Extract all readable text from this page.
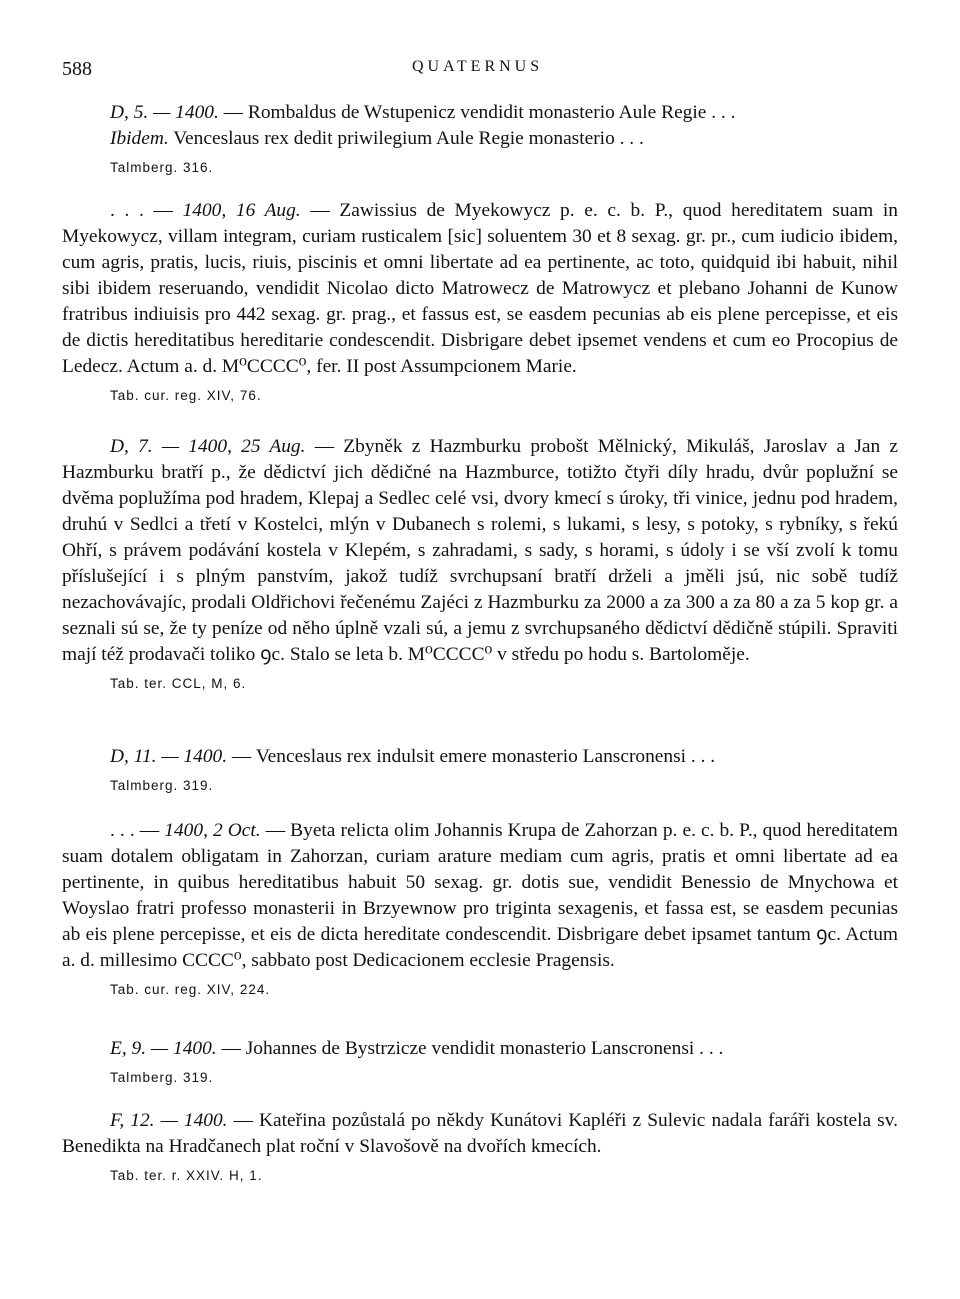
588	QUATERNUS

D, 5. — 1400. — Rombaldus de Wstupenicz vendidit monasterio Aule Regie . . .

Ibidem. Venceslaus rex dedit priwilegium Aule Regie monasterio . . .

Talmberg. 316.

. . . — 1400, 16 Aug. — Zawissius de Myekowycz p. e. c. b. P., quod hereditatem suam in Myekowycz, villam integram, curiam rusticalem [sic] soluentem 30 et 8 sexag. gr. pr., cum iudicio ibidem, cum agris, pratis, lucis, riuis, piscinis et omni libertate ad ea pertinente, ac toto, quidquid ibi habuit, nihil sibi ibidem reseruando, vendidit Nicolao dicto Matrowecz de Matrowycz et plebano Johanni de Kunow fratribus indiuisis pro 442 sexag. gr. prag., et fassus est, se easdem pecunias ab eis plene percepisse, et eis de dictis hereditatibus hereditarie condescendit. Disbrigare debet ipsemet vendens et cum eo Procopius de Ledecz. Actum a. d. M⁰CCCC⁰, fer. II post Assumpcionem Marie.

Tab. cur. reg. XIV, 76.

D, 7. — 1400, 25 Aug. — Zbyněk z Hazmburku probošt Mělnický, Mikuláš, Jaroslav a Jan z Hazmburku bratří p., že dědictví jich dědičné na Hazmburce, totižto čtyři díly hradu, dvůr poplužní se dvěma poplužíma pod hradem, Klepaj a Sedlec celé vsi, dvory kmecí s úroky, tři vinice, jednu pod hradem, druhú v Sedlci a třetí v Kostelci, mlýn v Dubanech s rolemi, s lukami, s lesy, s potoky, s rybníky, s řekú Ohří, s právem podávání kostela v Klepém, s zahradami, s sady, s horami, s údoly i se vší zvolí k tomu příslušející i s plným panstvím, jakož tudíž svrchupsaní bratří drželi a jměli jsú, nic sobě tudíž nezachovávajíc, prodali Oldřichovi řečenému Zajéci z Hazmburku za 2000 a za 300 a za 80 a za 5 kop gr. a seznali sú se, že ty peníze od něho úplně vzali sú, a jemu z svrchupsaného dědictví dědičně stúpili. Spraviti mají též prodavači toliko ꝯc. Stalo se leta b. M⁰CCCC⁰ v středu po hodu s. Bartoloměje.

Tab. ter. CCL, M, 6.

D, 11. — 1400. — Venceslaus rex indulsit emere monasterio Lanscronensi . . .

Talmberg. 319.

. . . — 1400, 2 Oct. — Byeta relicta olim Johannis Krupa de Zahorzan p. e. c. b. P., quod hereditatem suam dotalem obligatam in Zahorzan, curiam arature mediam cum agris, pratis et omni libertate ad ea pertinente, in quibus hereditatibus habuit 50 sexag. gr. dotis sue, vendidit Benessio de Mnychowa et Woyslao fratri professo monasterii in Brzyewnow pro triginta sexagenis, et fassa est, se easdem pecunias ab eis plene percepisse, et eis de dicta hereditate condescendit. Disbrigare debet ipsamet tantum ꝯc. Actum a. d. millesimo CCCC⁰, sabbato post Dedicacionem ecclesie Pragensis.

Tab. cur. reg. XIV, 224.

E, 9. — 1400. — Johannes de Bystrzicze vendidit monasterio Lanscronensi . . .

Talmberg. 319.

F, 12. — 1400. — Kateřina pozůstalá po někdy Kunátovi Kapléři z Sulevic nadala faráři kostela sv. Benedikta na Hradčanech plat roční v Slavošově na dvořích kmecích.

Tab. ter. r. XXIV. H, 1.
